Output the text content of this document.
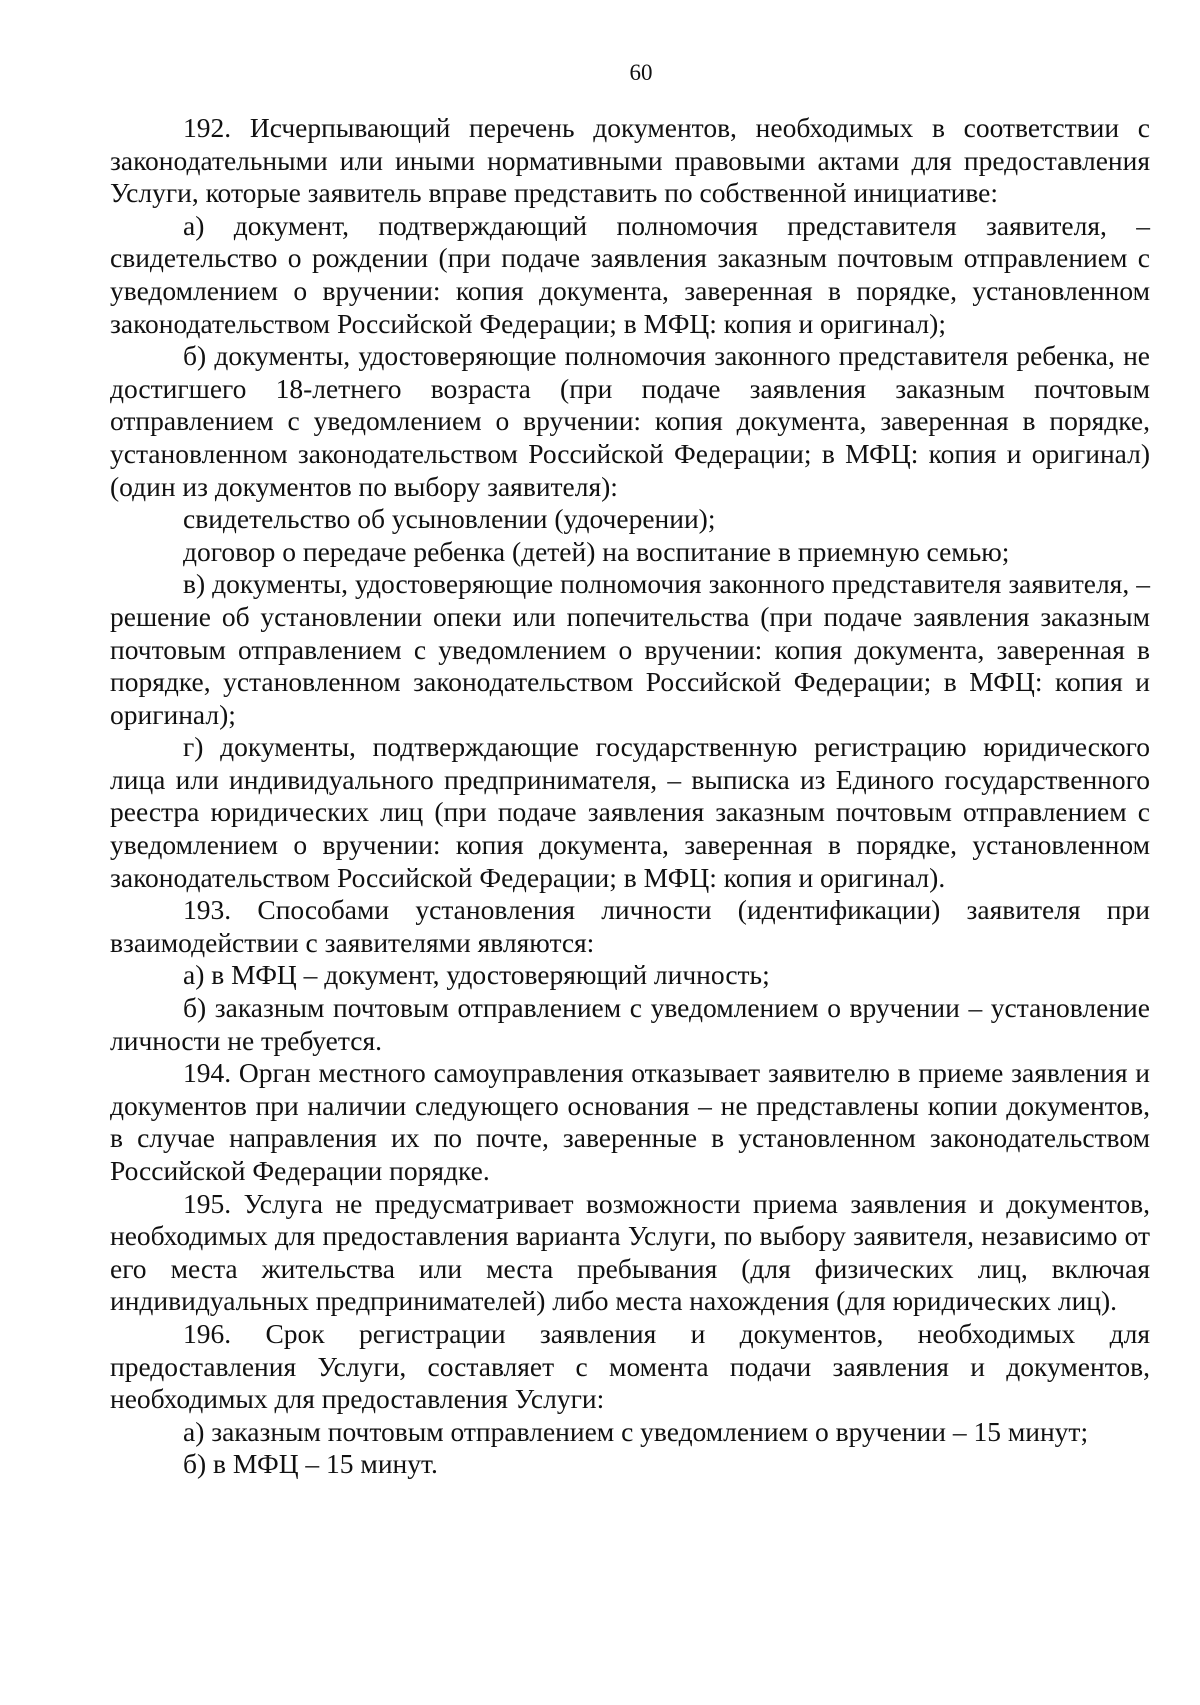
60

192. Исчерпывающий перечень документов, необходимых в соответствии с законодательными или иными нормативными правовыми актами для предоставления Услуги, которые заявитель вправе представить по собственной инициативе:

а) документ, подтверждающий полномочия представителя заявителя, – свидетельство о рождении (при подаче заявления заказным почтовым отправлением с уведомлением о вручении: копия документа, заверенная в порядке, установленном законодательством Российской Федерации; в МФЦ: копия и оригинал);

б) документы, удостоверяющие полномочия законного представителя ребенка, не достигшего 18-летнего возраста (при подаче заявления заказным почтовым отправлением с уведомлением о вручении: копия документа, заверенная в порядке, установленном законодательством Российской Федерации; в МФЦ: копия и оригинал) (один из документов по выбору заявителя):

свидетельство об усыновлении (удочерении);

договор о передаче ребенка (детей) на воспитание в приемную семью;

в) документы, удостоверяющие полномочия законного представителя заявителя, – решение об установлении опеки или попечительства (при подаче заявления заказным почтовым отправлением с уведомлением о вручении: копия документа, заверенная в порядке, установленном законодательством Российской Федерации; в МФЦ: копия и оригинал);

г) документы, подтверждающие государственную регистрацию юридического лица или индивидуального предпринимателя, – выписка из Единого государственного реестра юридических лиц (при подаче заявления заказным почтовым отправлением с уведомлением о вручении: копия документа, заверенная в порядке, установленном законодательством Российской Федерации; в МФЦ: копия и оригинал).

193. Способами установления личности (идентификации) заявителя при взаимодействии с заявителями являются:

а) в МФЦ – документ, удостоверяющий личность;

б) заказным почтовым отправлением с уведомлением о вручении – установление личности не требуется.

194. Орган местного самоуправления отказывает заявителю в приеме заявления и документов при наличии следующего основания – не представлены копии документов, в случае направления их по почте, заверенные в установленном законодательством Российской Федерации порядке.

195. Услуга не предусматривает возможности приема заявления и документов, необходимых для предоставления варианта Услуги, по выбору заявителя, независимо от его места жительства или места пребывания (для физических лиц, включая индивидуальных предпринимателей) либо места нахождения (для юридических лиц).

196. Срок регистрации заявления и документов, необходимых для предоставления Услуги, составляет с момента подачи заявления и документов, необходимых для предоставления Услуги:

а) заказным почтовым отправлением с уведомлением о вручении – 15 минут;

б) в МФЦ – 15 минут.
